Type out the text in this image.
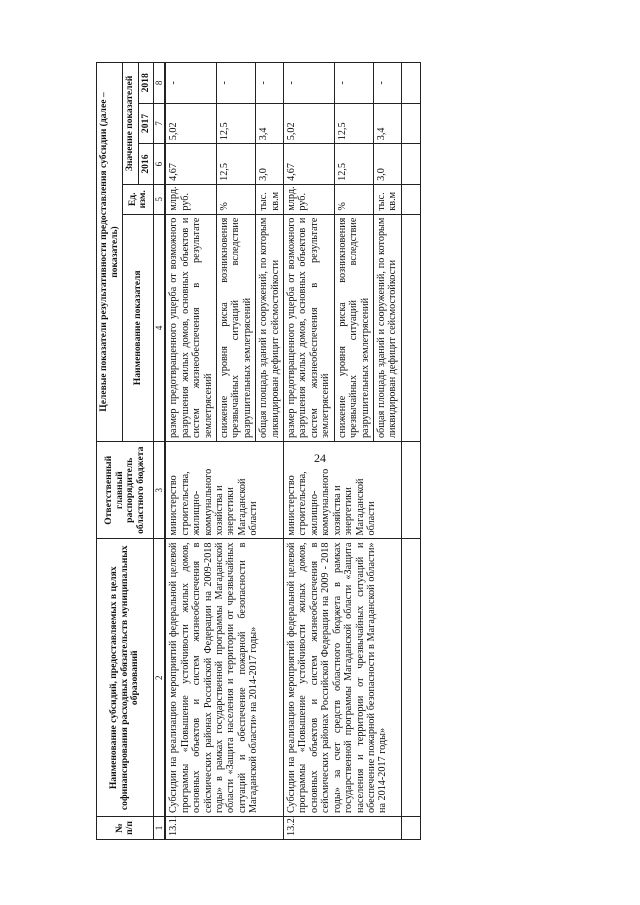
24
№ п/п	Наименование субсидий, предоставляемых в целях софинансирования расходных обязательств муниципальных образований	Ответственный главный распорядитель областного бюджета	Целевые показатели результативности предоставления субсидии (далее – показатель)				
			Наименование показателя	Ед. изм.	Значение показателей		
					2016	2017	2018
1	2	3	4	5	6	7	8
13.1.	Субсидии на реализацию мероприятий федеральной целевой программы «Повышение устойчивости жилых домов, основных объектов и систем жизнеобеспечения в сейсмических районах Российской Федерации на 2009-2018 годы» в рамках государственной программы Магаданской области «Защита населения и территории от чрезвычайных ситуаций и обеспечение пожарной безопасности в Магаданской области» на 2014-2017 годы»	министерство строительства, жилищно-коммунального хозяйства и энергетики Магаданской области	размер предотвращенного ущерба от возможного разрушения жилых домов, основных объектов и систем жизнеобеспечения в результате землетрясений	млрд. руб.	4,67	5,02	-
			снижение уровня риска возникновения чрезвычайных ситуаций вследствие разрушительных землетрясений	%	12,5	12,5	-
			общая площадь зданий и сооружений, по которым ликвидирован дефицит сейсмостойкости	тыс. кв.м	3,0	3,4	-
13.2.	Субсидии на реализацию мероприятий федеральной целевой программы «Повышение устойчивости жилых домов, основных объектов и систем жизнеобеспечения в сейсмических районах Российской Федерации на 2009 - 2018 годы» за счет средств областного бюджета в рамках государственной программы Магаданской области «Защита населения и территории от чрезвычайных ситуаций и обеспечение пожарной безопасности в Магаданской области» на 2014-2017 годы»	министерство строительства, жилищно-коммунального хозяйства и энергетики Магаданской области	размер предотвращенного ущерба от возможного разрушения жилых домов, основных объектов и систем жизнеобеспечения в результате землетрясений	млрд. руб.	4,67	5,02	-
			снижение уровня риска возникновения чрезвычайных ситуаций вследствие разрушительных землетрясений	%	12,5	12,5	-
			общая площадь зданий и сооружений, по которым ликвидирован дефицит сейсмостойкости	тыс. кв.м	3,0	3,4	-
